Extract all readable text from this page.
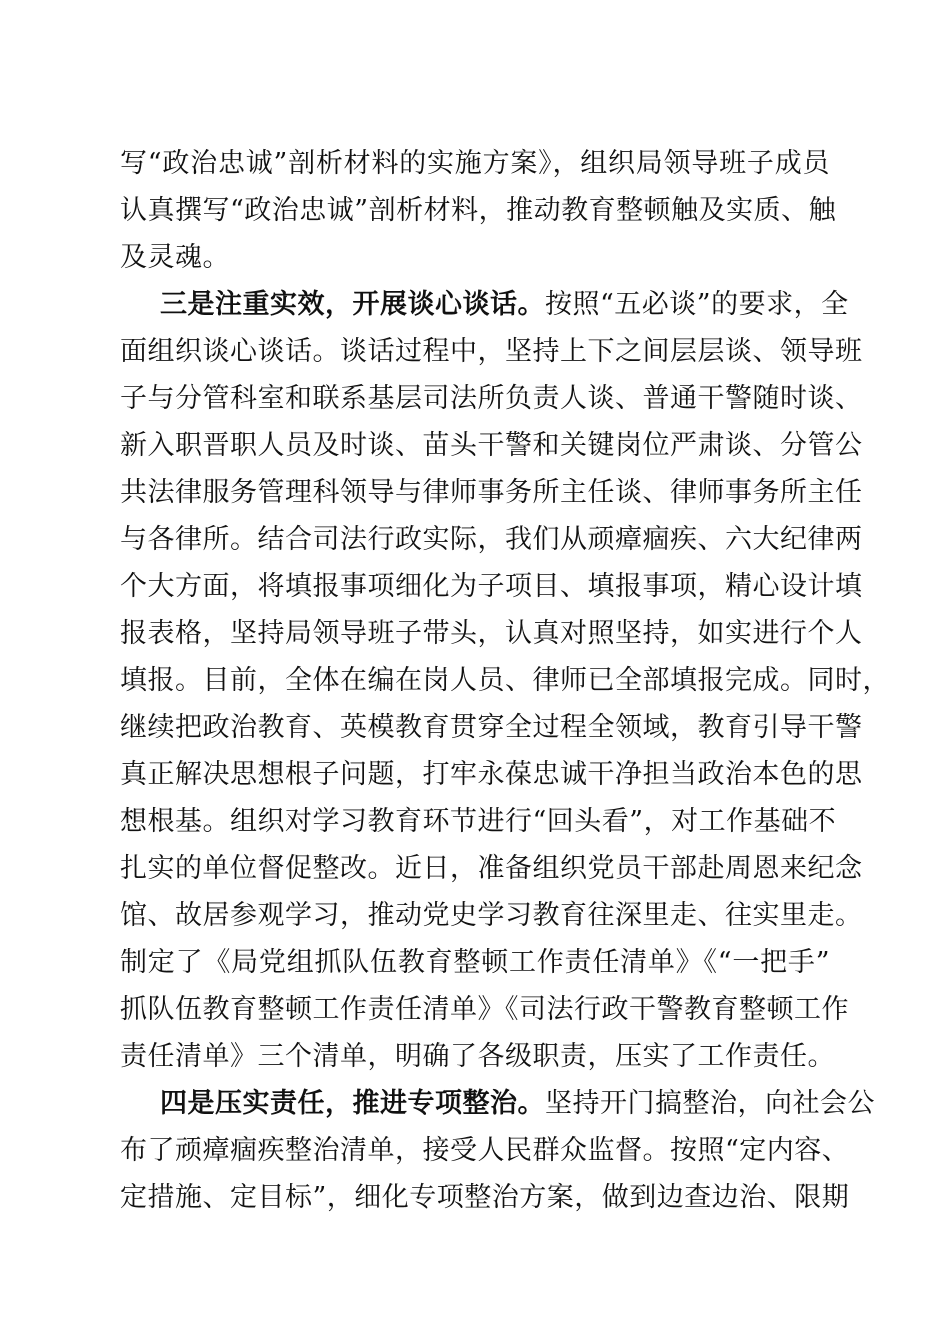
写“政治忠诚”剖析材料的实施方案》，组织局领导班子成员
认真撰写“政治忠诚”剖析材料，推动教育整顿触及实质、触
及灵魂。
三是注重实效，开展谈心谈话。按照“五必谈”的要求，全
面组织谈心谈话。谈话过程中，坚持上下之间层层谈、领导班
子与分管科室和联系基层司法所负责人谈、普通干警随时谈、
新入职晋职人员及时谈、苗头干警和关键岗位严肃谈、分管公
共法律服务管理科领导与律师事务所主任谈、律师事务所主任
与各律所。结合司法行政实际，我们从顽瘴痼疾、六大纪律两
个大方面，将填报事项细化为子项目、填报事项，精心设计填
报表格，坚持局领导班子带头，认真对照坚持，如实进行个人
填报。目前，全体在编在岗人员、律师已全部填报完成。同时，
继续把政治教育、英模教育贯穿全过程全领域，教育引导干警
真正解决思想根子问题，打牢永葆忠诚干净担当政治本色的思
想根基。组织对学习教育环节进行“回头看”，对工作基础不
扎实的单位督促整改。近日，准备组织党员干部赴周恩来纪念
馆、故居参观学习，推动党史学习教育往深里走、往实里走。
制定了《局党组抓队伍教育整顿工作责任清单》《“一把手”
抓队伍教育整顿工作责任清单》《司法行政干警教育整顿工作
责任清单》三个清单，明确了各级职责，压实了工作责任。
四是压实责任，推进专项整治。坚持开门搞整治，向社会公
布了顽瘴痼疾整治清单，接受人民群众监督。按照“定内容、
定措施、定目标”，细化专项整治方案，做到边查边治、限期
